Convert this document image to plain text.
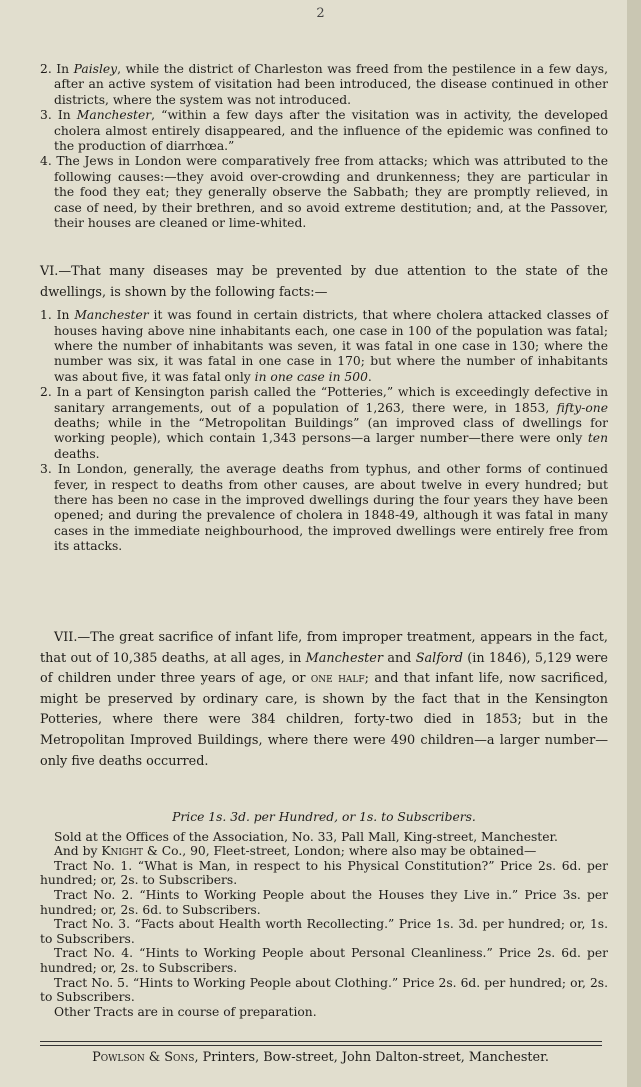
2

2. In Paisley, while the district of Charleston was freed from the pestilence in a few days, after an active system of visitation had been introduced, the disease continued in other districts, where the system was not introduced.

3. In Manchester, “within a few days after the visitation was in activity, the developed cholera almost entirely disappeared, and the influence of the epidemic was confined to the production of diarrhœa.”

4. The Jews in London were comparatively free from attacks; which was attributed to the following causes:—they avoid over-crowding and drunkenness; they are particular in the food they eat; they generally observe the Sabbath; they are promptly relieved, in case of need, by their brethren, and so avoid extreme destitution; and, at the Passover, their houses are cleaned or lime-whited.

VI.—That many diseases may be prevented by due attention to the state of the dwellings, is shown by the following facts:—

1. In Manchester it was found in certain districts, that where cholera attacked classes of houses having above nine inhabitants each, one case in 100 of the population was fatal; where the number of inhabitants was seven, it was fatal in one case in 130; where the number was six, it was fatal in one case in 170; but where the number of inhabitants was about five, it was fatal only in one case in 500.

2. In a part of Kensington parish called the “Potteries,” which is exceedingly defective in sanitary arrangements, out of a population of 1,263, there were, in 1853, fifty-one deaths; while in the “Metropolitan Buildings” (an improved class of dwellings for working people), which contain 1,343 persons—a larger number—there were only ten deaths.

3. In London, generally, the average deaths from typhus, and other forms of continued fever, in respect to deaths from other causes, are about twelve in every hundred; but there has been no case in the improved dwellings during the four years they have been opened; and during the prevalence of cholera in 1848-49, although it was fatal in many cases in the immediate neighbourhood, the improved dwellings were entirely free from its attacks.

VII.—The great sacrifice of infant life, from improper treatment, appears in the fact, that out of 10,385 deaths, at all ages, in Manchester and Salford (in 1846), 5,129 were of children under three years of age, or one half; and that infant life, now sacrificed, might be preserved by ordinary care, is shown by the fact that in the Kensington Potteries, where there were 384 children, forty-two died in 1853; but in the Metropolitan Improved Buildings, where there were 490 children—a larger number—only five deaths occurred.

Price 1s. 3d. per Hundred, or 1s. to Subscribers.

Sold at the Offices of the Association, No. 33, Pall Mall, King-street, Manchester.

And by Knight & Co., 90, Fleet-street, London; where also may be obtained—

Tract No. 1. “What is Man, in respect to his Physical Constitution?” Price 2s. 6d. per hundred; or, 2s. to Subscribers.

Tract No. 2. “Hints to Working People about the Houses they Live in.” Price 3s. per hundred; or, 2s. 6d. to Subscribers.

Tract No. 3. “Facts about Health worth Recollecting.” Price 1s. 3d. per hundred; or, 1s. to Subscribers.

Tract No. 4. “Hints to Working People about Personal Cleanliness.” Price 2s. 6d. per hundred; or, 2s. to Subscribers.

Tract No. 5. “Hints to Working People about Clothing.” Price 2s. 6d. per hundred; or, 2s. to Subscribers.

Other Tracts are in course of preparation.

Powlson & Sons, Printers, Bow-street, John Dalton-street, Manchester.
